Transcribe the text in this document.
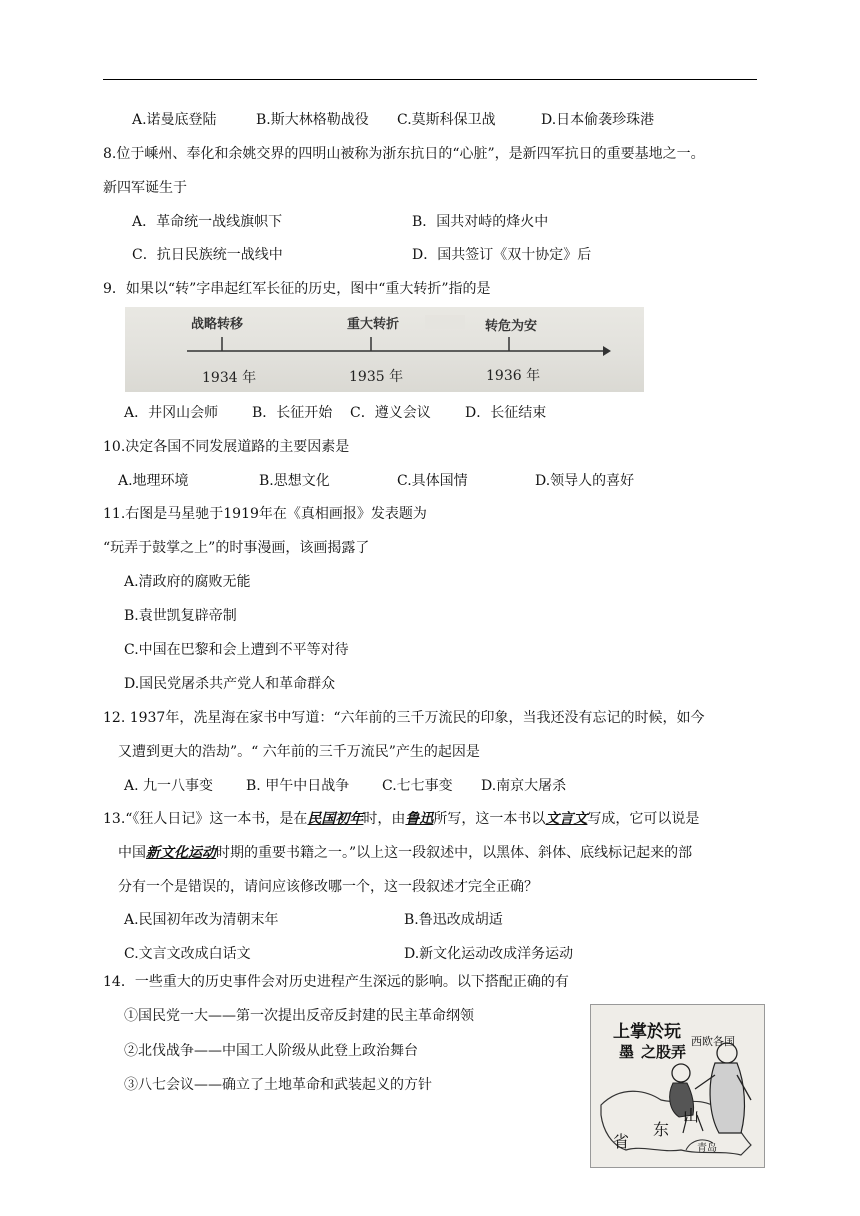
A.诺曼底登陆	B.斯大林格勒战役 C.莫斯科保卫战	D.日本偷袭珍珠港
8.位于嵊州、奉化和余姚交界的四明山被称为浙东抗日的“心脏”，是新四军抗日的重要基地之一。
新四军诞生于
A．革命统一战线旗帜下	B．国共对峙的烽火中
C．抗日民族统一战线中	D．国共签订《双十协定》后
9．如果以“转”字串起红军长征的历史，图中“重大转折”指的是
战略转移	重大转折	转危为安
1934 年	1935 年	1936 年
A．井冈山会师 B．长征开始 C．遵义会议 D．长征结束
10.决定各国不同发展道路的主要因素是
A.地理环境	B.思想文化	C.具体国情	D.领导人的喜好
11.右图是马星驰于1919年在《真相画报》发表题为
“玩弄于鼓掌之上”的时事漫画，该画揭露了
A.清政府的腐败无能
B.袁世凯复辟帝制
C.中国在巴黎和会上遭到不平等对待
D.国民党屠杀共产党人和革命群众
12. 1937年，冼星海在家书中写道：“六年前的三千万流民的印象，当我还没有忘记的时候，如今
又遭到更大的浩劫”。“ 六年前的三千万流民”产生的起因是
A. 九一八事变 B. 甲午中日战争 C.七七事变 D.南京大屠杀
13.“《狂人日记》这一本书，是在民国初年时，由鲁迅所写，这一本书以文言文写成，它可以说是
中国新文化运动时期的重要书籍之一。”以上这一段叙述中，以黑体、斜体、底线标记起来的部
分有一个是错误的，请问应该修改哪一个，这一段叙述才完全正确？
A.民国初年改为清朝末年	B.鲁迅改成胡适
C.文言文改成白话文	D.新文化运动改成洋务运动
14．一些重大的历史事件会对历史进程产生深远的影响。以下搭配正确的有
①国民党一大——第一次提出反帝反封建的民主革命纲领
②北伐战争——中国工人阶级从此登上政治舞台
③八七会议——确立了土地革命和武装起义的方针
上掌於玩
墨 之股弄
西欧各国
山
东
省	青岛
